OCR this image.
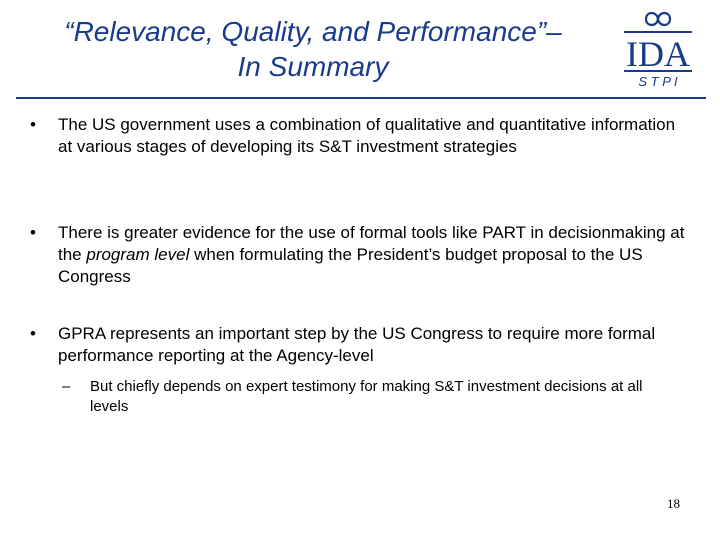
“Relevance, Quality, and Performance”–
In Summary	IDA
S T P I
• The US government uses a combination of qualitative and quantitative information at various stages of developing its S&T investment strategies
• There is greater evidence for the use of formal tools like PART in decisionmaking at the program level when formulating the President’s budget proposal to the US Congress
• GPRA represents an important step by the US Congress to require more formal performance reporting at the Agency-level
– But chiefly depends on expert testimony for making S&T investment decisions at all levels
18
